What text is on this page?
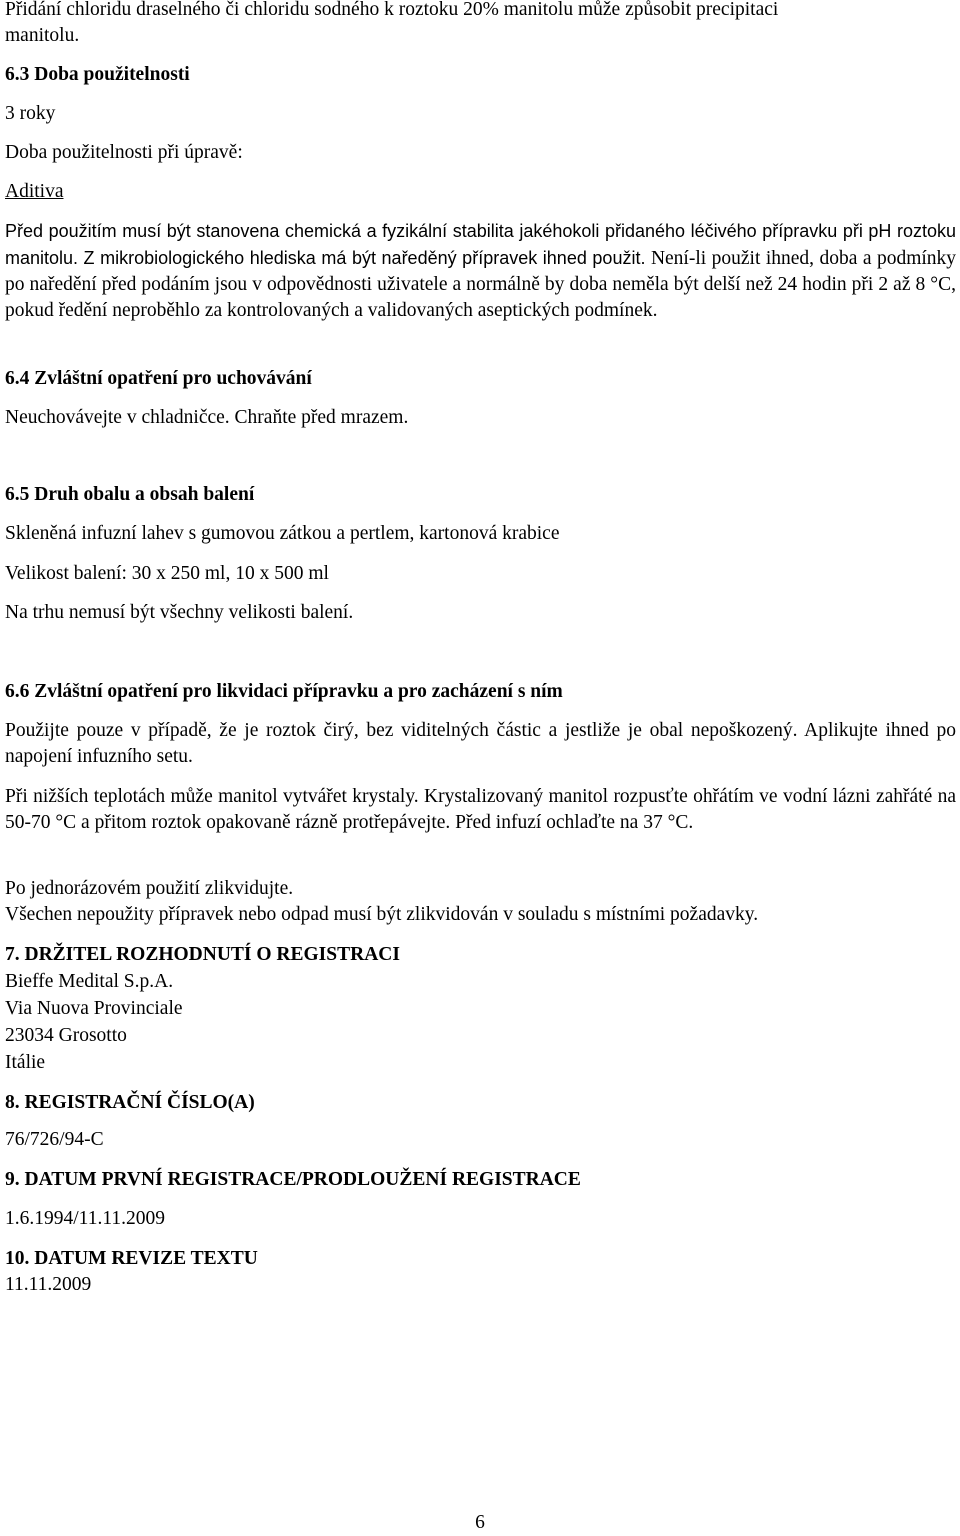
Přidání chloridu draselného či chloridu sodného k roztoku 20% manitolu může způsobit precipitaci

manitolu.

6.3 Doba použitelnosti

3 roky

Doba použitelnosti při úpravě:

Aditiva

Před použitím musí být stanovena chemická a fyzikální stabilita jakéhokoli přidaného léčivého přípravku při pH roztoku manitolu. Z mikrobiologického hlediska má být naředěný přípravek ihned použit. Není-li použit ihned, doba a podmínky po naředění před podáním jsou v odpovědnosti uživatele a normálně by doba neměla být delší než 24 hodin při 2 až 8 °C, pokud ředění neproběhlo za kontrolovaných a validovaných aseptických podmínek.

6.4 Zvláštní opatření pro uchovávání

Neuchovávejte v chladničce. Chraňte před mrazem.

6.5 Druh obalu a obsah balení

Skleněná infuzní lahev s gumovou zátkou a pertlem, kartonová krabice

Velikost balení: 30 x 250 ml, 10 x 500 ml

Na trhu nemusí být všechny velikosti balení.

6.6 Zvláštní opatření pro likvidaci přípravku a pro zacházení s ním

Použijte pouze v případě, že je roztok čirý, bez viditelných částic a jestliže je obal nepoškozený. Aplikujte ihned po napojení infuzního setu.

Při nižších teplotách může manitol vytvářet krystaly. Krystalizovaný manitol rozpusťte ohřátím ve vodní lázni zahřáté na 50-70 °C a přitom roztok opakovaně rázně protřepávejte. Před infuzí ochlaďte na 37 °C.

Po jednorázovém použití zlikvidujte.

Všechen nepoužity přípravek nebo odpad musí být zlikvidován v souladu s místními požadavky.

7. DRŽITEL ROZHODNUTÍ O REGISTRACI

Bieffe Medital S.p.A.

Via Nuova Provinciale

23034 Grosotto

Itálie

8. REGISTRAČNÍ ČÍSLO(A)

76/726/94-C

9. DATUM PRVNÍ REGISTRACE/PRODLOUŽENÍ REGISTRACE

1.6.1994/11.11.2009

10. DATUM REVIZE TEXTU

11.11.2009

6
